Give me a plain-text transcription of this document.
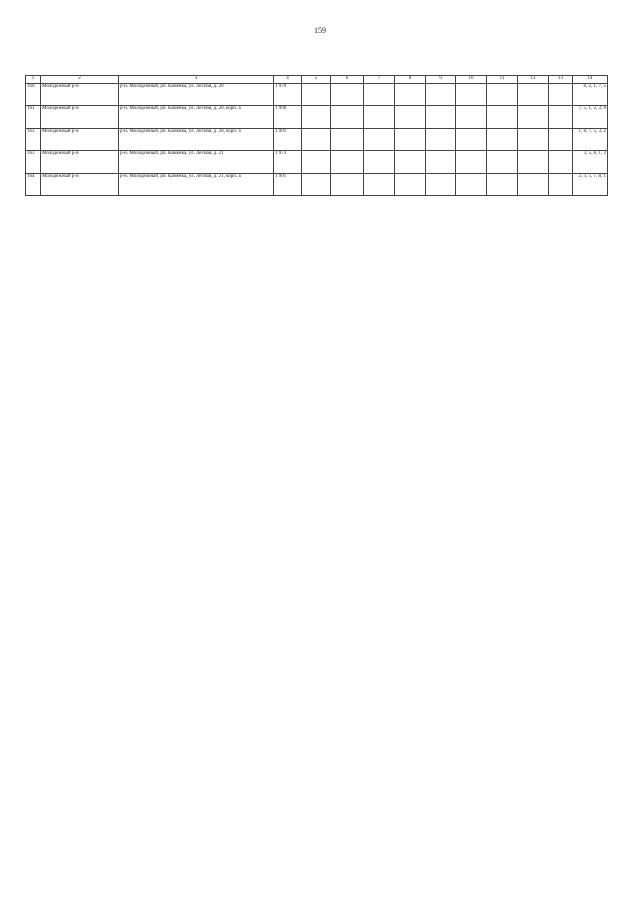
159
1	2	3	4	5	6	7	8	9	10	11	12	13	14
160	Молодежный р-н	р-н. Молодежный, рп. Каменка, ул. Лесная, д. 20	1 970										8, 2, 1, 7, 5
161	Молодежный р-н	р-н. Молодежный, рп. Каменка, ул. Лесная, д. 20, корп. а	1 990										7, 5, 1, 2, 3, 8
162	Молодежный р-н	р-н. Молодежный, рп. Каменка, ул. Лесная, д. 20, корп. б	1 991										1, 8, 7, 5, 3, 2
163	Молодежный р-н	р-н. Молодежный, рп. Каменка, ул. Лесная, д. 21	1 973										3, 5, 8, 1, 2
164	Молодежный р-н	р-н. Молодежный, рп. Каменка, ул. Лесная, д. 21, корп. а	1 991										2, 3, 5, 7, 8, 1
